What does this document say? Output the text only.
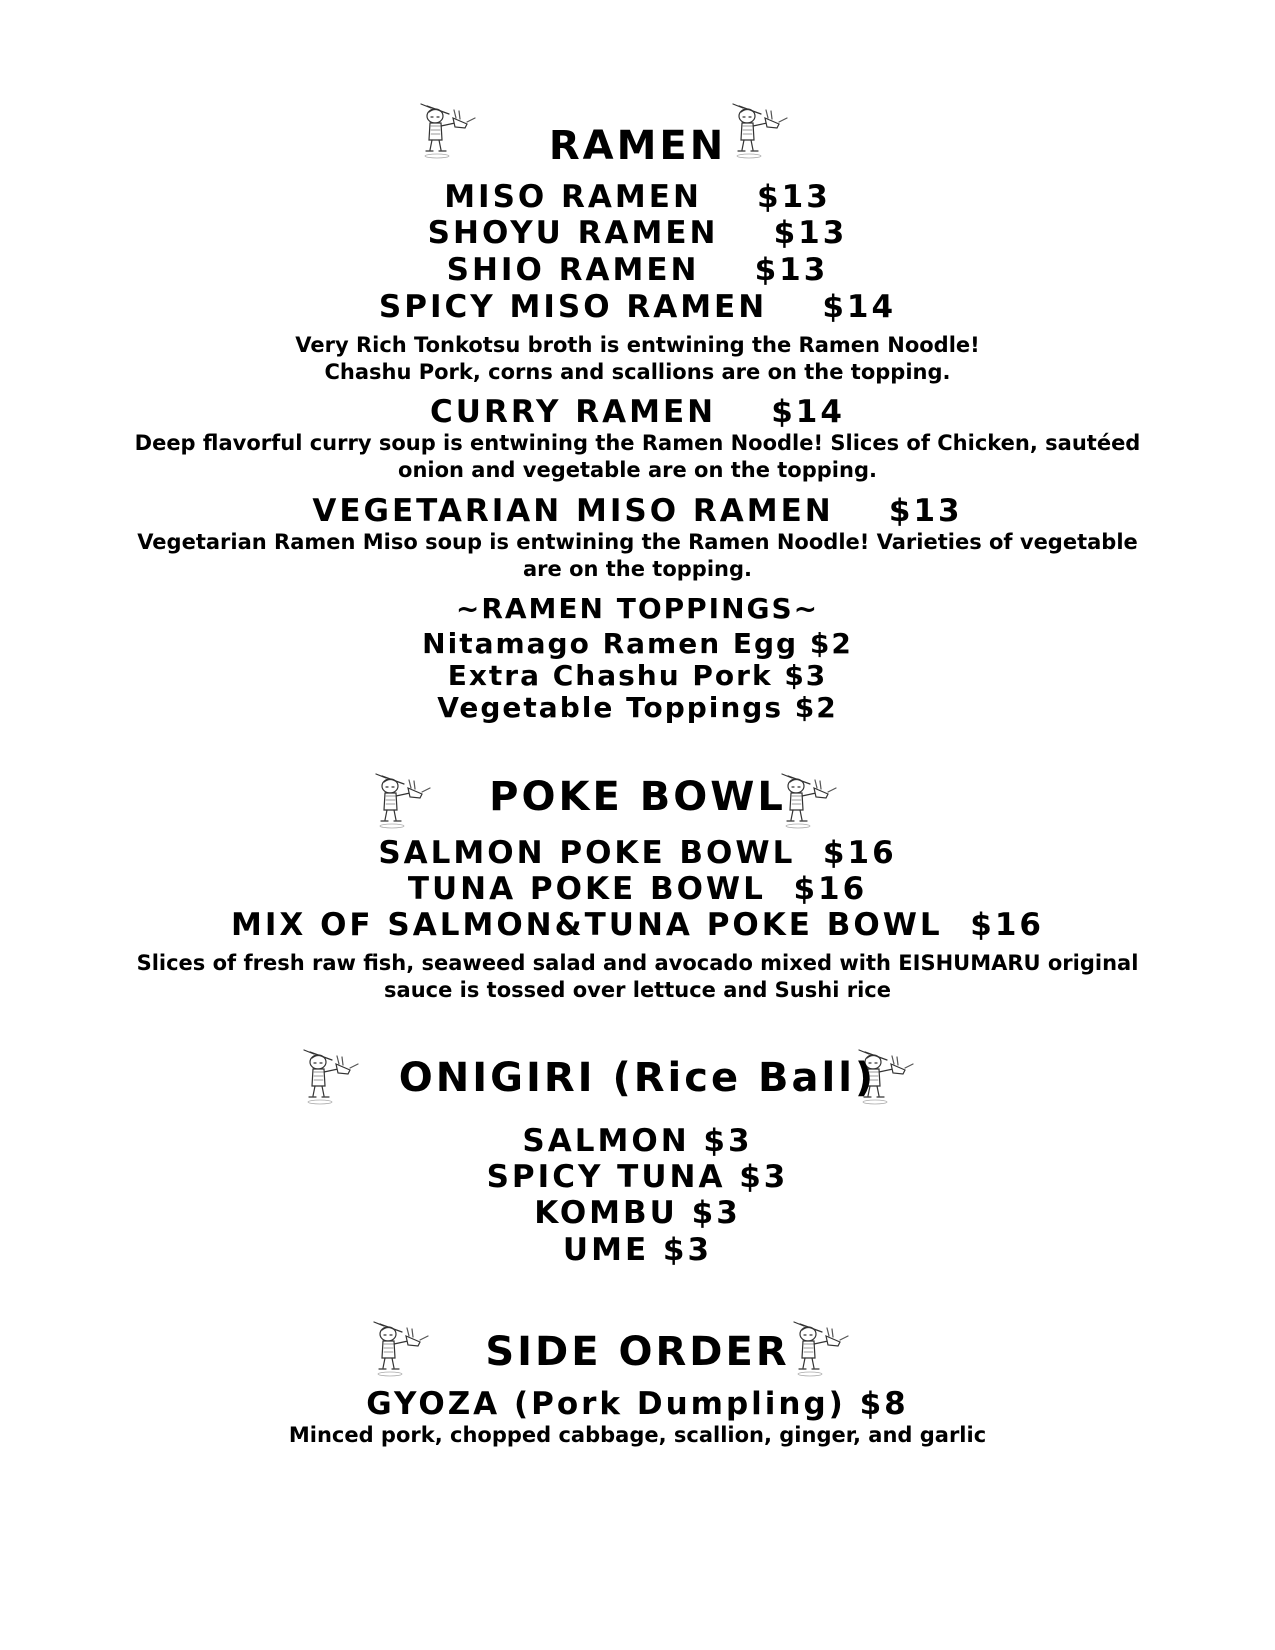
RAMEN
MISO RAMEN    $13
SHOYU RAMEN    $13
SHIO RAMEN    $13
SPICY MISO RAMEN    $14
Very Rich Tonkotsu broth is entwining the Ramen Noodle!
Chashu Pork, corns and scallions are on the topping.
CURRY RAMEN    $14
Deep flavorful curry soup is entwining the Ramen Noodle! Slices of Chicken, sautéed
onion and vegetable are on the topping.
VEGETARIAN MISO RAMEN    $13
Vegetarian Ramen Miso soup is entwining the Ramen Noodle! Varieties of vegetable
are on the topping.
~RAMEN TOPPINGS~
Nitamago Ramen Egg $2
Extra Chashu Pork $3
Vegetable Toppings $2
POKE BOWL
SALMON POKE BOWL  $16
TUNA POKE BOWL  $16
MIX OF SALMON&TUNA POKE BOWL  $16
Slices of fresh raw fish, seaweed salad and avocado mixed with EISHUMARU original
sauce is tossed over lettuce and Sushi rice
ONIGIRI (Rice Ball)
SALMON $3
SPICY TUNA $3
KOMBU $3
UME $3
SIDE ORDER
GYOZA (Pork Dumpling) $8
Minced pork, chopped cabbage, scallion, ginger, and garlic
